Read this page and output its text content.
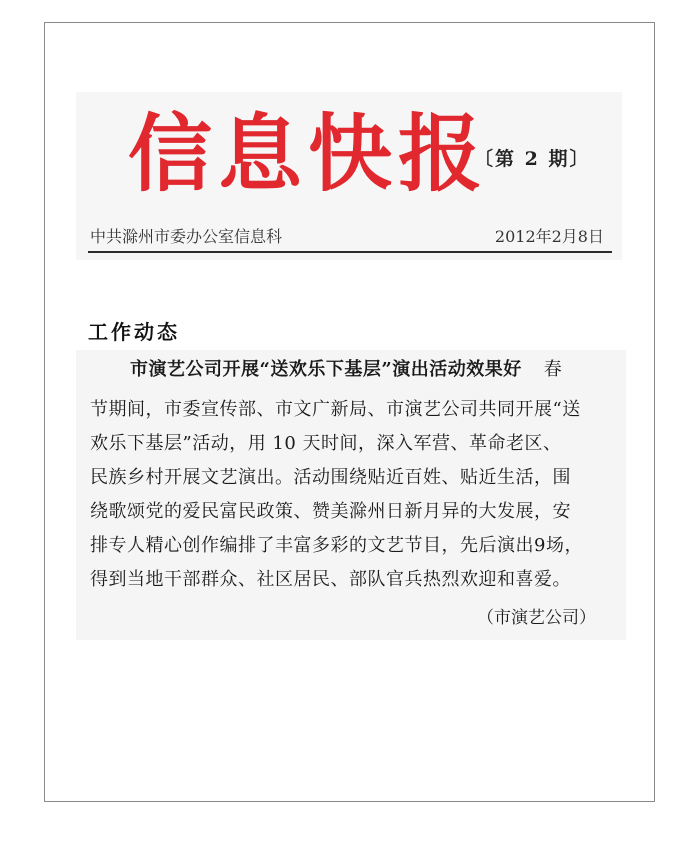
信息快报
〔第 2 期〕
中共滁州市委办公室信息科	2012年2月8日
工作动态
市演艺公司开展“送欢乐下基层”演出活动效果好 春
节期间，市委宣传部、市文广新局、市演艺公司共同开展“送
欢乐下基层”活动，用 10 天时间，深入军营、革命老区、
民族乡村开展文艺演出。活动围绕贴近百姓、贴近生活，围
绕歌颂党的爱民富民政策、赞美滁州日新月异的大发展，安
排专人精心创作编排了丰富多彩的文艺节目，先后演出9场，
得到当地干部群众、社区居民、部队官兵热烈欢迎和喜爱。
（市演艺公司）
